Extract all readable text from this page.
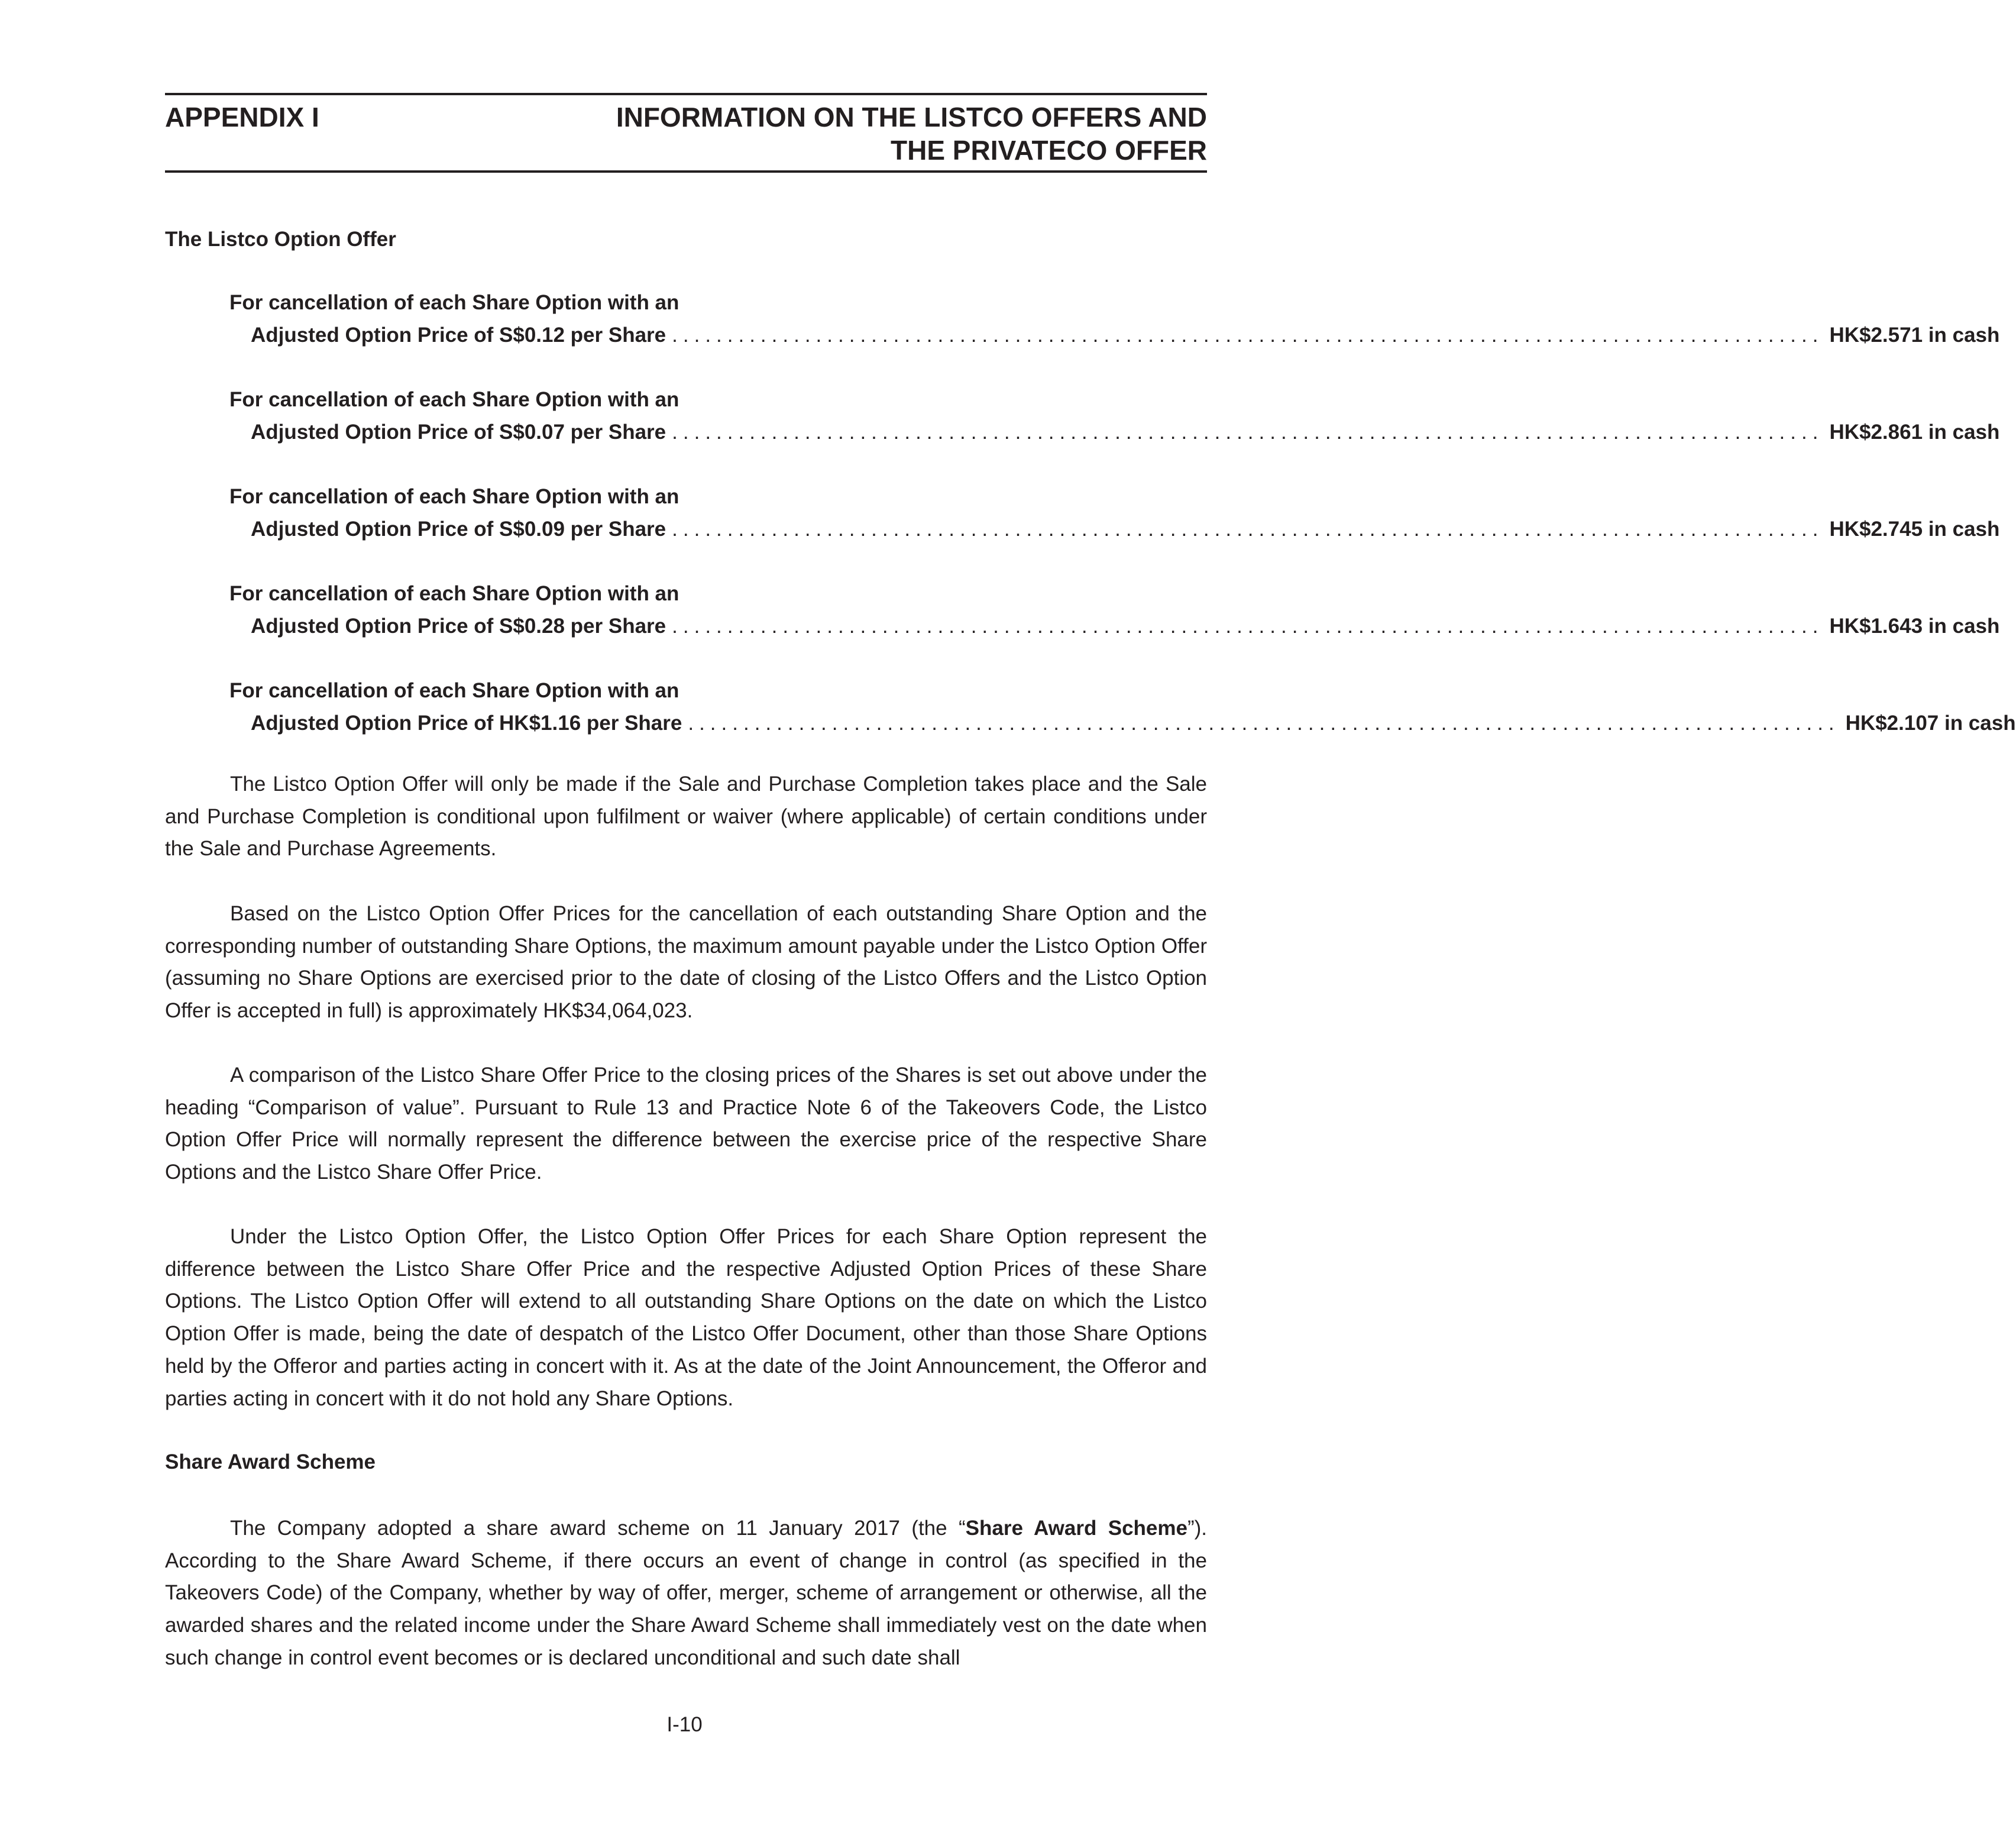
APPENDIX I	INFORMATION ON THE LISTCO OFFERS AND
THE PRIVATECO OFFER
The Listco Option Offer
For cancellation of each Share Option with an
Adjusted Option Price of S$0.12 per Share ........................................................................................................ HK$2.571 in cash
For cancellation of each Share Option with an
Adjusted Option Price of S$0.07 per Share ........................................................................................................ HK$2.861 in cash
For cancellation of each Share Option with an
Adjusted Option Price of S$0.09 per Share ........................................................................................................ HK$2.745 in cash
For cancellation of each Share Option with an
Adjusted Option Price of S$0.28 per Share ........................................................................................................ HK$1.643 in cash
For cancellation of each Share Option with an
Adjusted Option Price of HK$1.16 per Share ........................................................................................................ HK$2.107 in cash

The Listco Option Offer will only be made if the Sale and Purchase Completion takes place and the Sale and Purchase Completion is conditional upon fulfilment or waiver (where applicable) of certain conditions under the Sale and Purchase Agreements.

Based on the Listco Option Offer Prices for the cancellation of each outstanding Share Option and the corresponding number of outstanding Share Options, the maximum amount payable under the Listco Option Offer (assuming no Share Options are exercised prior to the date of closing of the Listco Offers and the Listco Option Offer is accepted in full) is approximately HK$34,064,023.

A comparison of the Listco Share Offer Price to the closing prices of the Shares is set out above under the heading “Comparison of value”. Pursuant to Rule 13 and Practice Note 6 of the Takeovers Code, the Listco Option Offer Price will normally represent the difference between the exercise price of the respective Share Options and the Listco Share Offer Price.

Under the Listco Option Offer, the Listco Option Offer Prices for each Share Option represent the difference between the Listco Share Offer Price and the respective Adjusted Option Prices of these Share Options. The Listco Option Offer will extend to all outstanding Share Options on the date on which the Listco Option Offer is made, being the date of despatch of the Listco Offer Document, other than those Share Options held by the Offeror and parties acting in concert with it. As at the date of the Joint Announcement, the Offeror and parties acting in concert with it do not hold any Share Options.

Share Award Scheme

The Company adopted a share award scheme on 11 January 2017 (the “Share Award Scheme”). According to the Share Award Scheme, if there occurs an event of change in control (as specified in the Takeovers Code) of the Company, whether by way of offer, merger, scheme of arrangement or otherwise, all the awarded shares and the related income under the Share Award Scheme shall immediately vest on the date when such change in control event becomes or is declared unconditional and such date shall

I-10
